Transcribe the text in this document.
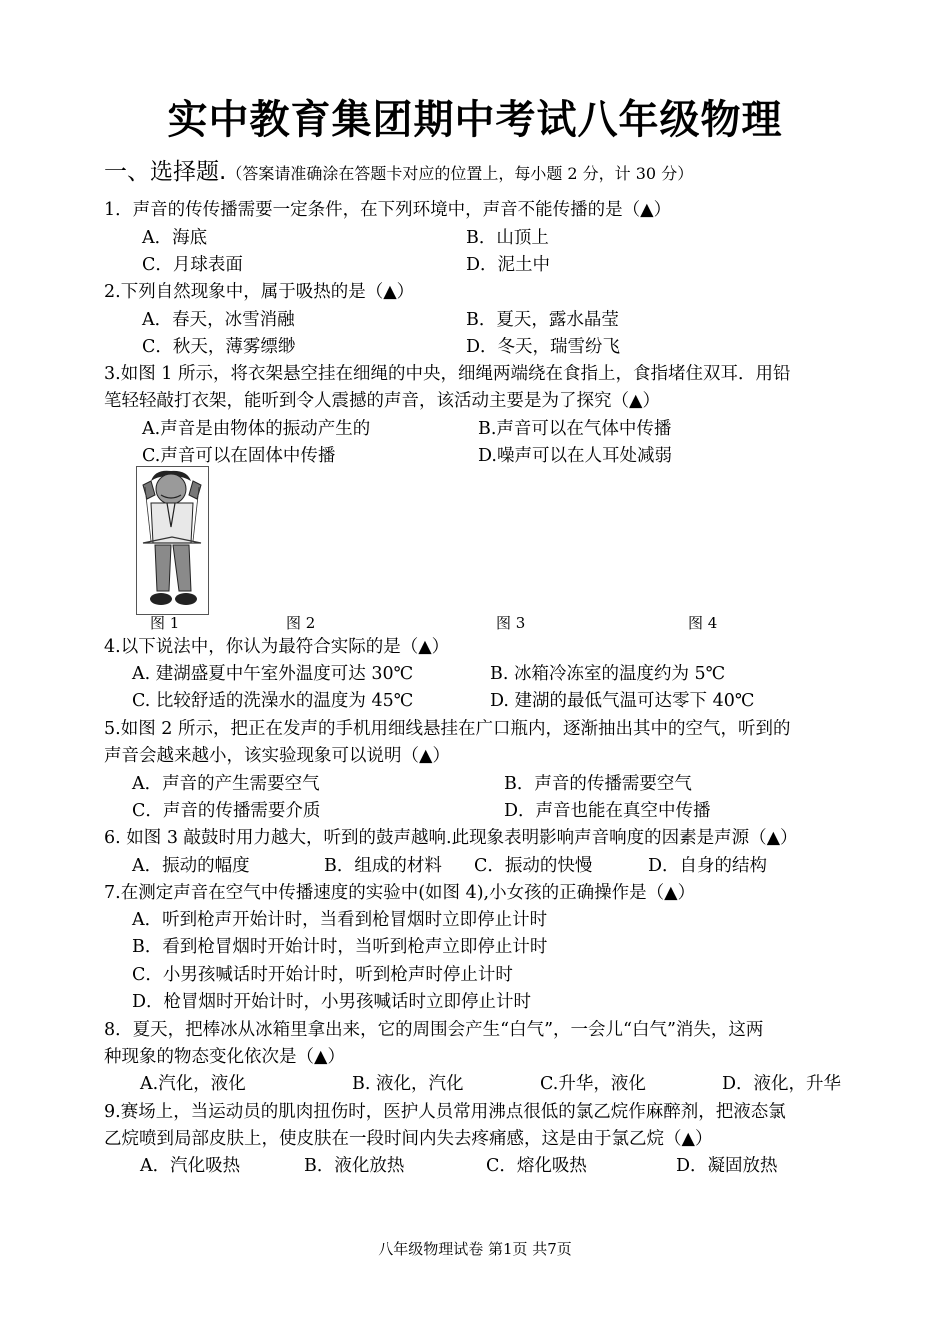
实中教育集团期中考试八年级物理
一、选择题.（答案请准确涂在答题卡对应的位置上，每小题 2 分，计 30 分）
1．声音的传传播需要一定条件，在下列环境中，声音不能传播的是（▲）
A．海底	B．山顶上
C．月球表面	D．泥土中
2.下列自然现象中，属于吸热的是（▲）
A．春天，冰雪消融	B．夏天，露水晶莹
C．秋天，薄雾缥缈	D．冬天，瑞雪纷飞
3.如图 1 所示，将衣架悬空挂在细绳的中央，细绳两端绕在食指上，食指堵住双耳．用铅
笔轻轻敲打衣架，能听到令人震撼的声音，该活动主要是为了探究（▲）
A.声音是由物体的振动产生的	B.声音可以在气体中传播
C.声音可以在固体中传播	D.噪声可以在人耳处减弱
图 1	图 2	图 3	图 4
4.以下说法中，你认为最符合实际的是（▲）
A. 建湖盛夏中午室外温度可达 30℃	B. 冰箱冷冻室的温度约为 5℃
C. 比较舒适的洗澡水的温度为 45℃	D. 建湖的最低气温可达零下 40℃
5.如图 2 所示，把正在发声的手机用细线悬挂在广口瓶内，逐渐抽出其中的空气，听到的
声音会越来越小，该实验现象可以说明（▲）
A．声音的产生需要空气	B．声音的传播需要空气
C．声音的传播需要介质	D．声音也能在真空中传播
6. 如图 3 敲鼓时用力越大，听到的鼓声越响.此现象表明影响声音响度的因素是声源（▲）
A．振动的幅度	B．组成的材料 C．振动的快慢	D．自身的结构
7.在测定声音在空气中传播速度的实验中(如图 4),小女孩的正确操作是（▲）
A．听到枪声开始计时，当看到枪冒烟时立即停止计时
B．看到枪冒烟时开始计时，当听到枪声立即停止计时
C．小男孩喊话时开始计时，听到枪声时停止计时
D．枪冒烟时开始计时，小男孩喊话时立即停止计时
8．夏天，把棒冰从冰箱里拿出来，它的周围会产生“白气”，一会儿“白气”消失，这两
种现象的物态变化依次是（▲）
A.汽化，液化	B. 液化，汽化	C.升华，液化	D．液化，升华
9.赛场上，当运动员的肌肉扭伤时，医护人员常用沸点很低的氯乙烷作麻醉剂，把液态氯
乙烷喷到局部皮肤上，使皮肤在一段时间内失去疼痛感，这是由于氯乙烷（▲）
A．汽化吸热	B．液化放热	C．熔化吸热	D．凝固放热
八年级物理试卷 第1页 共7页
